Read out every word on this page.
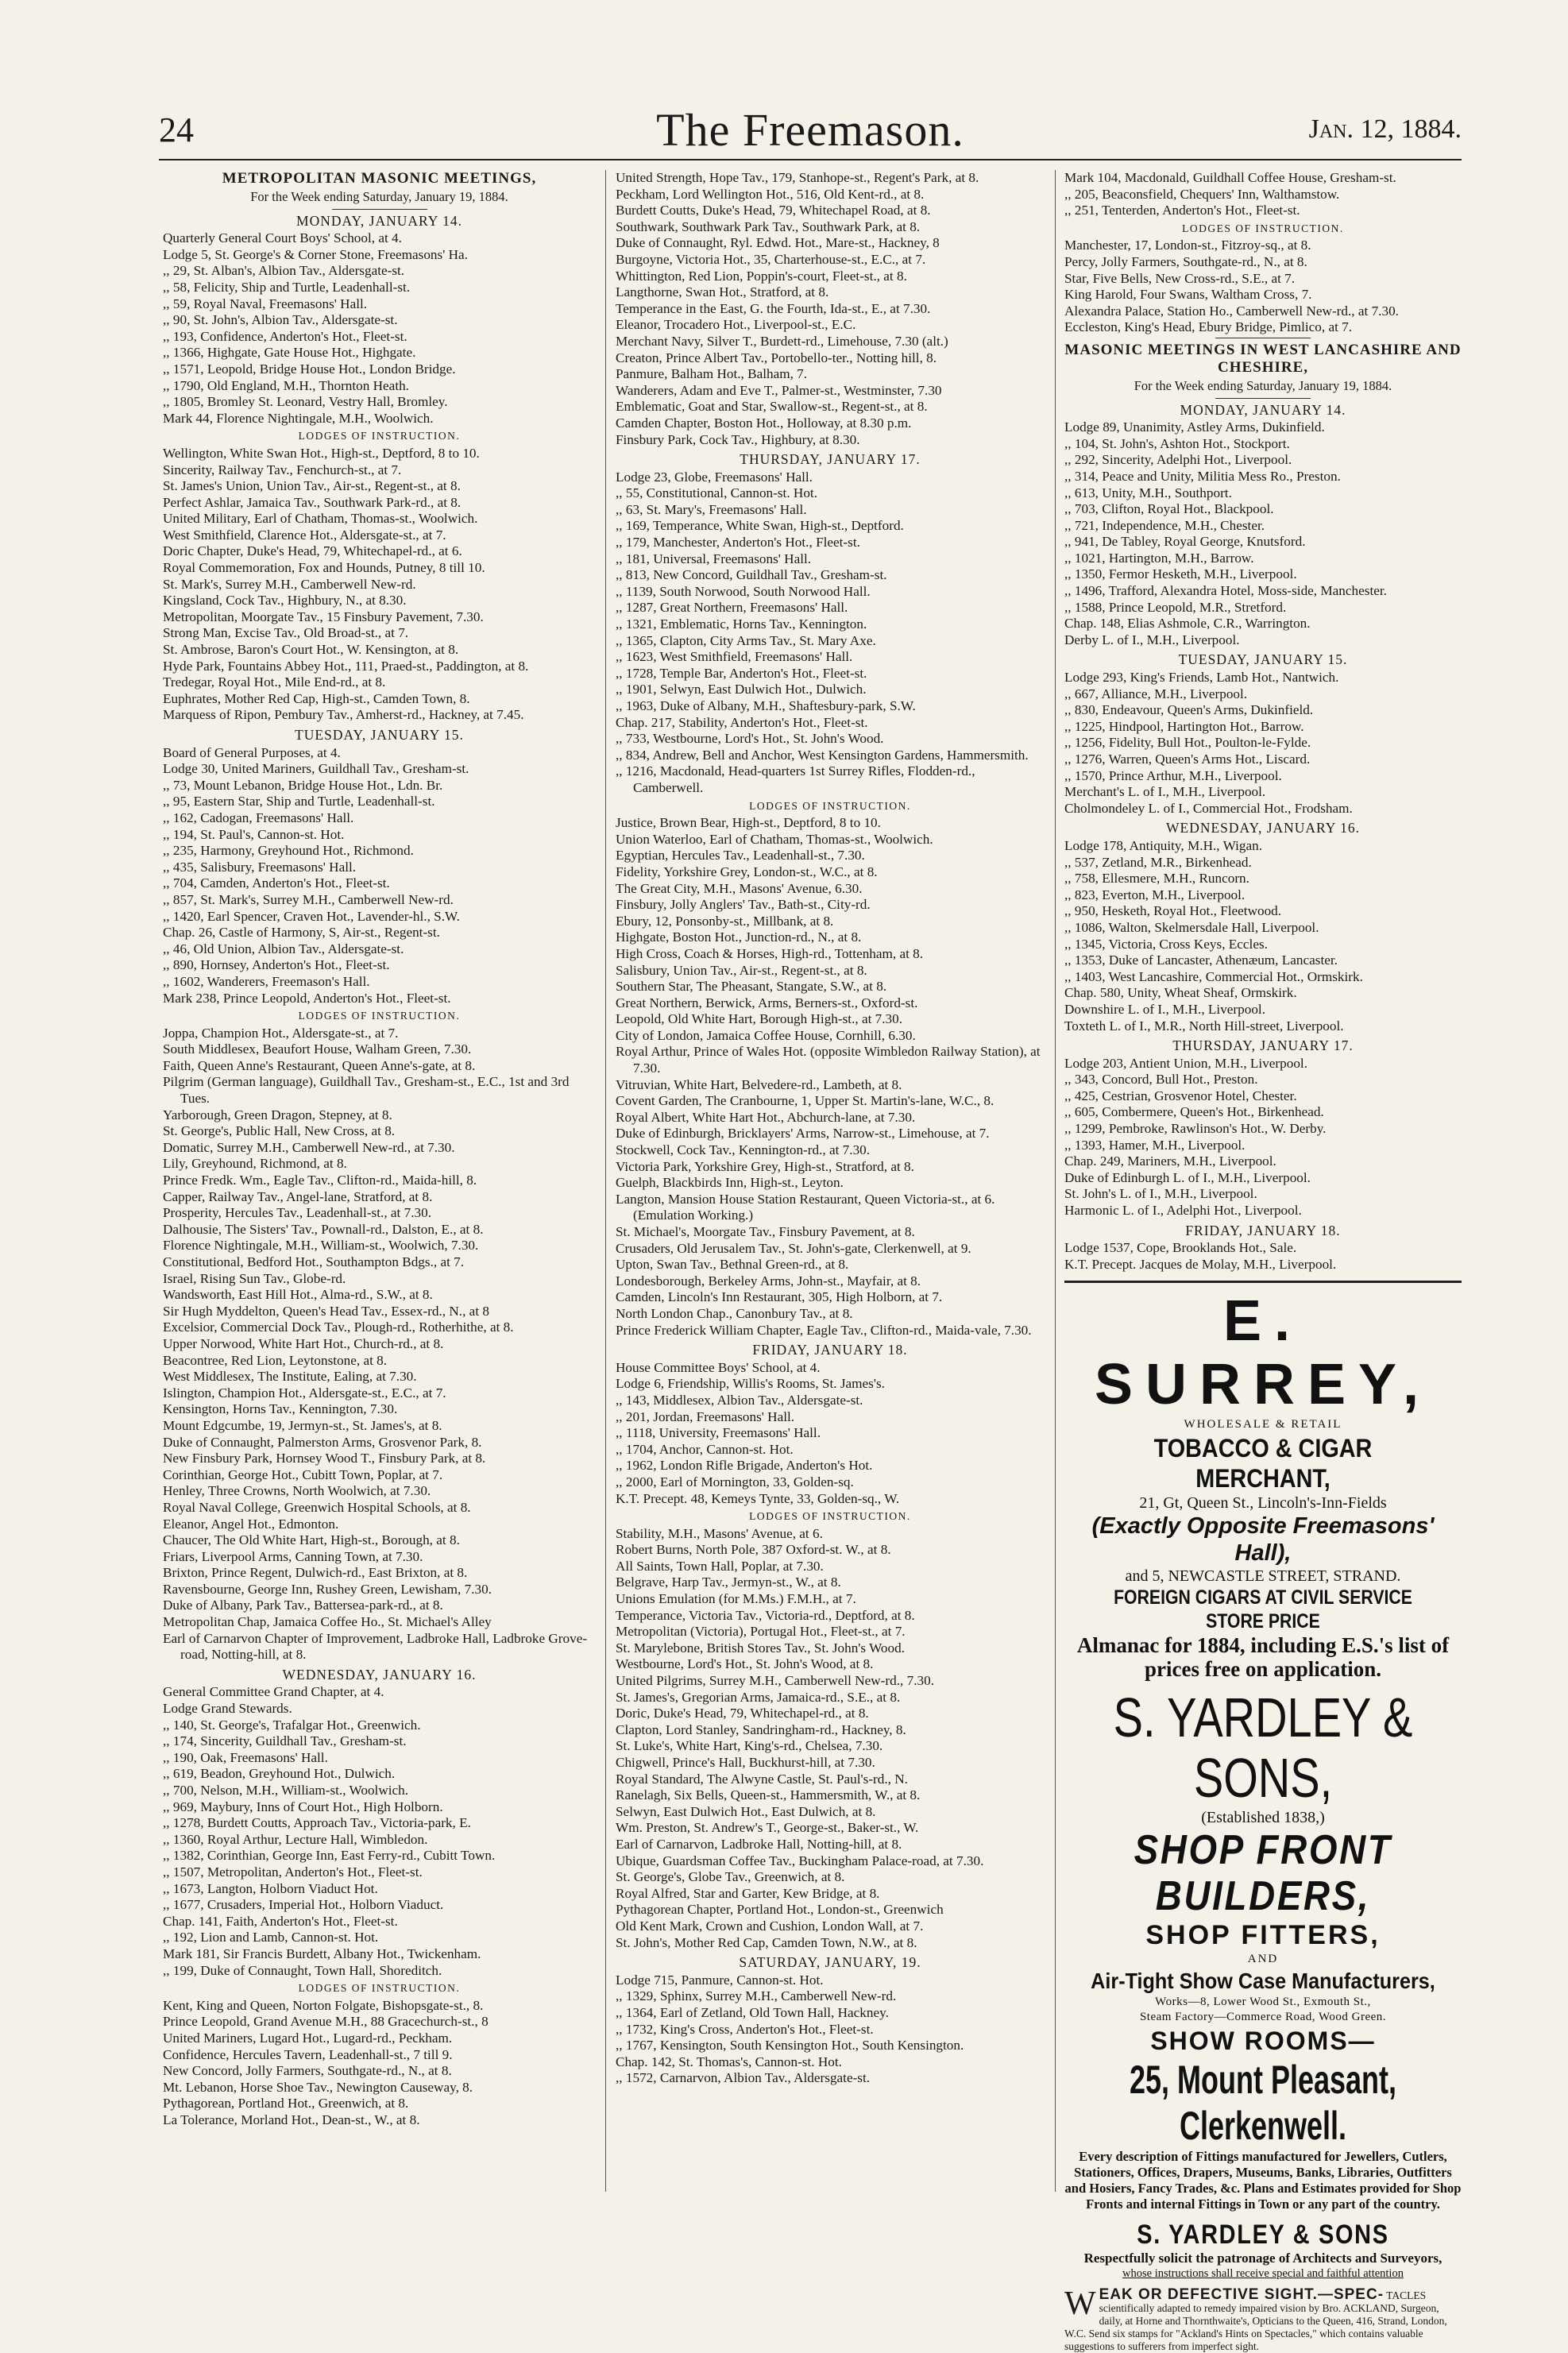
24	The Freemason.	Jan. 12, 1884.
METROPOLITAN MASONIC MEETINGS,
For the Week ending Saturday, January 19, 1884.
MONDAY, JANUARY 14.
Quarterly General Court Boys' School, at 4.
Lodge 5, St. George's & Corner Stone, Freemasons' Ha.
,, 29, St. Alban's, Albion Tav., Aldersgate-st.
,, 58, Felicity, Ship and Turtle, Leadenhall-st.
,, 59, Royal Naval, Freemasons' Hall.
,, 90, St. John's, Albion Tav., Aldersgate-st.
,, 193, Confidence, Anderton's Hot., Fleet-st.
,, 1366, Highgate, Gate House Hot., Highgate.
,, 1571, Leopold, Bridge House Hot., London Bridge.
,, 1790, Old England, M.H., Thornton Heath.
,, 1805, Bromley St. Leonard, Vestry Hall, Bromley.
Mark 44, Florence Nightingale, M.H., Woolwich.
LODGES OF INSTRUCTION.
Wellington, White Swan Hot., High-st., Deptford, 8 to 10.
Sincerity, Railway Tav., Fenchurch-st., at 7.
St. James's Union, Union Tav., Air-st., Regent-st., at 8.
Perfect Ashlar, Jamaica Tav., Southwark Park-rd., at 8.
United Military, Earl of Chatham, Thomas-st., Woolwich.
West Smithfield, Clarence Hot., Aldersgate-st., at 7.
Doric Chapter, Duke's Head, 79, Whitechapel-rd., at 6.
Royal Commemoration, Fox and Hounds, Putney, 8 till 10.
St. Mark's, Surrey M.H., Camberwell New-rd.
Kingsland, Cock Tav., Highbury, N., at 8.30.
Metropolitan, Moorgate Tav., 15 Finsbury Pavement, 7.30.
Strong Man, Excise Tav., Old Broad-st., at 7.
St. Ambrose, Baron's Court Hot., W. Kensington, at 8.
Hyde Park, Fountains Abbey Hot., 111, Praed-st., Paddington, at 8.
Tredegar, Royal Hot., Mile End-rd., at 8.
Euphrates, Mother Red Cap, High-st., Camden Town, 8.
Marquess of Ripon, Pembury Tav., Amherst-rd., Hackney, at 7.45.
TUESDAY, JANUARY 15.
Board of General Purposes, at 4.
Lodge 30, United Mariners, Guildhall Tav., Gresham-st.
,, 73, Mount Lebanon, Bridge House Hot., Ldn. Br.
,, 95, Eastern Star, Ship and Turtle, Leadenhall-st.
,, 162, Cadogan, Freemasons' Hall.
,, 194, St. Paul's, Cannon-st. Hot.
,, 235, Harmony, Greyhound Hot., Richmond.
,, 435, Salisbury, Freemasons' Hall.
,, 704, Camden, Anderton's Hot., Fleet-st.
,, 857, St. Mark's, Surrey M.H., Camberwell New-rd.
,, 1420, Earl Spencer, Craven Hot., Lavender-hl., S.W.
Chap. 26, Castle of Harmony, S, Air-st., Regent-st.
,, 46, Old Union, Albion Tav., Aldersgate-st.
,, 890, Hornsey, Anderton's Hot., Fleet-st.
,, 1602, Wanderers, Freemason's Hall.
Mark 238, Prince Leopold, Anderton's Hot., Fleet-st.
LODGES OF INSTRUCTION.
Joppa, Champion Hot., Aldersgate-st., at 7.
South Middlesex, Beaufort House, Walham Green, 7.30.
Faith, Queen Anne's Restaurant, Queen Anne's-gate, at 8.
Pilgrim (German language), Guildhall Tav., Gresham-st., E.C., 1st and 3rd Tues.
Yarborough, Green Dragon, Stepney, at 8.
St. George's, Public Hall, New Cross, at 8.
Domatic, Surrey M.H., Camberwell New-rd., at 7.30.
Lily, Greyhound, Richmond, at 8.
Prince Fredk. Wm., Eagle Tav., Clifton-rd., Maida-hill, 8.
Capper, Railway Tav., Angel-lane, Stratford, at 8.
Prosperity, Hercules Tav., Leadenhall-st., at 7.30.
Dalhousie, The Sisters' Tav., Pownall-rd., Dalston, E., at 8.
Florence Nightingale, M.H., William-st., Woolwich, 7.30.
Constitutional, Bedford Hot., Southampton Bdgs., at 7.
Israel, Rising Sun Tav., Globe-rd.
Wandsworth, East Hill Hot., Alma-rd., S.W., at 8.
Sir Hugh Myddelton, Queen's Head Tav., Essex-rd., N., at 8
Excelsior, Commercial Dock Tav., Plough-rd., Rotherhithe, at 8.
Upper Norwood, White Hart Hot., Church-rd., at 8.
Beacontree, Red Lion, Leytonstone, at 8.
West Middlesex, The Institute, Ealing, at 7.30.
Islington, Champion Hot., Aldersgate-st., E.C., at 7.
Kensington, Horns Tav., Kennington, 7.30.
Mount Edgcumbe, 19, Jermyn-st., St. James's, at 8.
Duke of Connaught, Palmerston Arms, Grosvenor Park, 8.
New Finsbury Park, Hornsey Wood T., Finsbury Park, at 8.
Corinthian, George Hot., Cubitt Town, Poplar, at 7.
Henley, Three Crowns, North Woolwich, at 7.30.
Royal Naval College, Greenwich Hospital Schools, at 8.
Eleanor, Angel Hot., Edmonton.
Chaucer, The Old White Hart, High-st., Borough, at 8.
Friars, Liverpool Arms, Canning Town, at 7.30.
Brixton, Prince Regent, Dulwich-rd., East Brixton, at 8.
Ravensbourne, George Inn, Rushey Green, Lewisham, 7.30.
Duke of Albany, Park Tav., Battersea-park-rd., at 8.
Metropolitan Chap, Jamaica Coffee Ho., St. Michael's Alley
Earl of Carnarvon Chapter of Improvement, Ladbroke Hall, Ladbroke Grove-road, Notting-hill, at 8.
WEDNESDAY, JANUARY 16.
General Committee Grand Chapter, at 4.
Lodge Grand Stewards.
,, 140, St. George's, Trafalgar Hot., Greenwich.
,, 174, Sincerity, Guildhall Tav., Gresham-st.
,, 190, Oak, Freemasons' Hall.
,, 619, Beadon, Greyhound Hot., Dulwich.
,, 700, Nelson, M.H., William-st., Woolwich.
,, 969, Maybury, Inns of Court Hot., High Holborn.
,, 1278, Burdett Coutts, Approach Tav., Victoria-park, E.
,, 1360, Royal Arthur, Lecture Hall, Wimbledon.
,, 1382, Corinthian, George Inn, East Ferry-rd., Cubitt Town.
,, 1507, Metropolitan, Anderton's Hot., Fleet-st.
,, 1673, Langton, Holborn Viaduct Hot.
,, 1677, Crusaders, Imperial Hot., Holborn Viaduct.
Chap. 141, Faith, Anderton's Hot., Fleet-st.
,, 192, Lion and Lamb, Cannon-st. Hot.
Mark 181, Sir Francis Burdett, Albany Hot., Twickenham.
,, 199, Duke of Connaught, Town Hall, Shoreditch.
LODGES OF INSTRUCTION.
Kent, King and Queen, Norton Folgate, Bishopsgate-st., 8.
Prince Leopold, Grand Avenue M.H., 88 Gracechurch-st., 8
United Mariners, Lugard Hot., Lugard-rd., Peckham.
Confidence, Hercules Tavern, Leadenhall-st., 7 till 9.
New Concord, Jolly Farmers, Southgate-rd., N., at 8.
Mt. Lebanon, Horse Shoe Tav., Newington Causeway, 8.
Pythagorean, Portland Hot., Greenwich, at 8.
La Tolerance, Morland Hot., Dean-st., W., at 8.
United Strength, Hope Tav., 179, Stanhope-st., Regent's Park, at 8.
Peckham, Lord Wellington Hot., 516, Old Kent-rd., at 8.
Burdett Coutts, Duke's Head, 79, Whitechapel Road, at 8.
Southwark, Southwark Park Tav., Southwark Park, at 8.
Duke of Connaught, Ryl. Edwd. Hot., Mare-st., Hackney, 8
Burgoyne, Victoria Hot., 35, Charterhouse-st., E.C., at 7.
Whittington, Red Lion, Poppin's-court, Fleet-st., at 8.
Langthorne, Swan Hot., Stratford, at 8.
Temperance in the East, G. the Fourth, Ida-st., E., at 7.30.
Eleanor, Trocadero Hot., Liverpool-st., E.C.
Merchant Navy, Silver T., Burdett-rd., Limehouse, 7.30 (alt.)
Creaton, Prince Albert Tav., Portobello-ter., Notting hill, 8.
Panmure, Balham Hot., Balham, 7.
Wanderers, Adam and Eve T., Palmer-st., Westminster, 7.30
Emblematic, Goat and Star, Swallow-st., Regent-st., at 8.
Camden Chapter, Boston Hot., Holloway, at 8.30 p.m.
Finsbury Park, Cock Tav., Highbury, at 8.30.
THURSDAY, JANUARY 17.
Lodge 23, Globe, Freemasons' Hall.
,, 55, Constitutional, Cannon-st. Hot.
,, 63, St. Mary's, Freemasons' Hall.
,, 169, Temperance, White Swan, High-st., Deptford.
,, 179, Manchester, Anderton's Hot., Fleet-st.
,, 181, Universal, Freemasons' Hall.
,, 813, New Concord, Guildhall Tav., Gresham-st.
,, 1139, South Norwood, South Norwood Hall.
,, 1287, Great Northern, Freemasons' Hall.
,, 1321, Emblematic, Horns Tav., Kennington.
,, 1365, Clapton, City Arms Tav., St. Mary Axe.
,, 1623, West Smithfield, Freemasons' Hall.
,, 1728, Temple Bar, Anderton's Hot., Fleet-st.
,, 1901, Selwyn, East Dulwich Hot., Dulwich.
,, 1963, Duke of Albany, M.H., Shaftesbury-park, S.W.
Chap. 217, Stability, Anderton's Hot., Fleet-st.
,, 733, Westbourne, Lord's Hot., St. John's Wood.
,, 834, Andrew, Bell and Anchor, West Kensington Gardens, Hammersmith.
,, 1216, Macdonald, Head-quarters 1st Surrey Rifles, Flodden-rd., Camberwell.
LODGES OF INSTRUCTION.
Justice, Brown Bear, High-st., Deptford, 8 to 10.
Union Waterloo, Earl of Chatham, Thomas-st., Woolwich.
Egyptian, Hercules Tav., Leadenhall-st., 7.30.
Fidelity, Yorkshire Grey, London-st., W.C., at 8.
The Great City, M.H., Masons' Avenue, 6.30.
Finsbury, Jolly Anglers' Tav., Bath-st., City-rd.
Ebury, 12, Ponsonby-st., Millbank, at 8.
Highgate, Boston Hot., Junction-rd., N., at 8.
High Cross, Coach & Horses, High-rd., Tottenham, at 8.
Salisbury, Union Tav., Air-st., Regent-st., at 8.
Southern Star, The Pheasant, Stangate, S.W., at 8.
Great Northern, Berwick, Arms, Berners-st., Oxford-st.
Leopold, Old White Hart, Borough High-st., at 7.30.
City of London, Jamaica Coffee House, Cornhill, 6.30.
Royal Arthur, Prince of Wales Hot. (opposite Wimbledon Railway Station), at 7.30.
Vitruvian, White Hart, Belvedere-rd., Lambeth, at 8.
Covent Garden, The Cranbourne, 1, Upper St. Martin's-lane, W.C., 8.
Royal Albert, White Hart Hot., Abchurch-lane, at 7.30.
Duke of Edinburgh, Bricklayers' Arms, Narrow-st., Limehouse, at 7.
Stockwell, Cock Tav., Kennington-rd., at 7.30.
Victoria Park, Yorkshire Grey, High-st., Stratford, at 8.
Guelph, Blackbirds Inn, High-st., Leyton.
Langton, Mansion House Station Restaurant, Queen Victoria-st., at 6. (Emulation Working.)
St. Michael's, Moorgate Tav., Finsbury Pavement, at 8.
Crusaders, Old Jerusalem Tav., St. John's-gate, Clerkenwell, at 9.
Upton, Swan Tav., Bethnal Green-rd., at 8.
Londesborough, Berkeley Arms, John-st., Mayfair, at 8.
Camden, Lincoln's Inn Restaurant, 305, High Holborn, at 7.
North London Chap., Canonbury Tav., at 8.
Prince Frederick William Chapter, Eagle Tav., Clifton-rd., Maida-vale, 7.30.
FRIDAY, JANUARY 18.
House Committee Boys' School, at 4.
Lodge 6, Friendship, Willis's Rooms, St. James's.
,, 143, Middlesex, Albion Tav., Aldersgate-st.
,, 201, Jordan, Freemasons' Hall.
,, 1118, University, Freemasons' Hall.
,, 1704, Anchor, Cannon-st. Hot.
,, 1962, London Rifle Brigade, Anderton's Hot.
,, 2000, Earl of Mornington, 33, Golden-sq.
K.T. Precept. 48, Kemeys Tynte, 33, Golden-sq., W.
LODGES OF INSTRUCTION.
Stability, M.H., Masons' Avenue, at 6.
Robert Burns, North Pole, 387 Oxford-st. W., at 8.
All Saints, Town Hall, Poplar, at 7.30.
Belgrave, Harp Tav., Jermyn-st., W., at 8.
Unions Emulation (for M.Ms.) F.M.H., at 7.
Temperance, Victoria Tav., Victoria-rd., Deptford, at 8.
Metropolitan (Victoria), Portugal Hot., Fleet-st., at 7.
St. Marylebone, British Stores Tav., St. John's Wood.
Westbourne, Lord's Hot., St. John's Wood, at 8.
United Pilgrims, Surrey M.H., Camberwell New-rd., 7.30.
St. James's, Gregorian Arms, Jamaica-rd., S.E., at 8.
Doric, Duke's Head, 79, Whitechapel-rd., at 8.
Clapton, Lord Stanley, Sandringham-rd., Hackney, 8.
St. Luke's, White Hart, King's-rd., Chelsea, 7.30.
Chigwell, Prince's Hall, Buckhurst-hill, at 7.30.
Royal Standard, The Alwyne Castle, St. Paul's-rd., N.
Ranelagh, Six Bells, Queen-st., Hammersmith, W., at 8.
Selwyn, East Dulwich Hot., East Dulwich, at 8.
Wm. Preston, St. Andrew's T., George-st., Baker-st., W.
Earl of Carnarvon, Ladbroke Hall, Notting-hill, at 8.
Ubique, Guardsman Coffee Tav., Buckingham Palace-road, at 7.30.
St. George's, Globe Tav., Greenwich, at 8.
Royal Alfred, Star and Garter, Kew Bridge, at 8.
Pythagorean Chapter, Portland Hot., London-st., Greenwich
Old Kent Mark, Crown and Cushion, London Wall, at 7.
St. John's, Mother Red Cap, Camden Town, N.W., at 8.
SATURDAY, JANUARY, 19.
Lodge 715, Panmure, Cannon-st. Hot.
,, 1329, Sphinx, Surrey M.H., Camberwell New-rd.
,, 1364, Earl of Zetland, Old Town Hall, Hackney.
,, 1732, King's Cross, Anderton's Hot., Fleet-st.
,, 1767, Kensington, South Kensington Hot., South Kensington.
Chap. 142, St. Thomas's, Cannon-st. Hot.
,, 1572, Carnarvon, Albion Tav., Aldersgate-st.
Mark 104, Macdonald, Guildhall Coffee House, Gresham-st.
,, 205, Beaconsfield, Chequers' Inn, Walthamstow.
,, 251, Tenterden, Anderton's Hot., Fleet-st.
LODGES OF INSTRUCTION.
Manchester, 17, London-st., Fitzroy-sq., at 8.
Percy, Jolly Farmers, Southgate-rd., N., at 8.
Star, Five Bells, New Cross-rd., S.E., at 7.
King Harold, Four Swans, Waltham Cross, 7.
Alexandra Palace, Station Ho., Camberwell New-rd., at 7.30.
Eccleston, King's Head, Ebury Bridge, Pimlico, at 7.
MASONIC MEETINGS IN WEST LANCASHIRE AND CHESHIRE,
For the Week ending Saturday, January 19, 1884.
MONDAY, JANUARY 14.
Lodge 89, Unanimity, Astley Arms, Dukinfield.
,, 104, St. John's, Ashton Hot., Stockport.
,, 292, Sincerity, Adelphi Hot., Liverpool.
,, 314, Peace and Unity, Militia Mess Ro., Preston.
,, 613, Unity, M.H., Southport.
,, 703, Clifton, Royal Hot., Blackpool.
,, 721, Independence, M.H., Chester.
,, 941, De Tabley, Royal George, Knutsford.
,, 1021, Hartington, M.H., Barrow.
,, 1350, Fermor Hesketh, M.H., Liverpool.
,, 1496, Trafford, Alexandra Hotel, Moss-side, Manchester.
,, 1588, Prince Leopold, M.R., Stretford.
Chap. 148, Elias Ashmole, C.R., Warrington.
Derby L. of I., M.H., Liverpool.
TUESDAY, JANUARY 15.
Lodge 293, King's Friends, Lamb Hot., Nantwich.
,, 667, Alliance, M.H., Liverpool.
,, 830, Endeavour, Queen's Arms, Dukinfield.
,, 1225, Hindpool, Hartington Hot., Barrow.
,, 1256, Fidelity, Bull Hot., Poulton-le-Fylde.
,, 1276, Warren, Queen's Arms Hot., Liscard.
,, 1570, Prince Arthur, M.H., Liverpool.
Merchant's L. of I., M.H., Liverpool.
Cholmondeley L. of I., Commercial Hot., Frodsham.
WEDNESDAY, JANUARY 16.
Lodge 178, Antiquity, M.H., Wigan.
,, 537, Zetland, M.R., Birkenhead.
,, 758, Ellesmere, M.H., Runcorn.
,, 823, Everton, M.H., Liverpool.
,, 950, Hesketh, Royal Hot., Fleetwood.
,, 1086, Walton, Skelmersdale Hall, Liverpool.
,, 1345, Victoria, Cross Keys, Eccles.
,, 1353, Duke of Lancaster, Athenæum, Lancaster.
,, 1403, West Lancashire, Commercial Hot., Ormskirk.
Chap. 580, Unity, Wheat Sheaf, Ormskirk.
Downshire L. of I., M.H., Liverpool.
Toxteth L. of I., M.R., North Hill-street, Liverpool.
THURSDAY, JANUARY 17.
Lodge 203, Antient Union, M.H., Liverpool.
,, 343, Concord, Bull Hot., Preston.
,, 425, Cestrian, Grosvenor Hotel, Chester.
,, 605, Combermere, Queen's Hot., Birkenhead.
,, 1299, Pembroke, Rawlinson's Hot., W. Derby.
,, 1393, Hamer, M.H., Liverpool.
Chap. 249, Mariners, M.H., Liverpool.
Duke of Edinburgh L. of I., M.H., Liverpool.
St. John's L. of I., M.H., Liverpool.
Harmonic L. of I., Adelphi Hot., Liverpool.
FRIDAY, JANUARY 18.
Lodge 1537, Cope, Brooklands Hot., Sale.
K.T. Precept. Jacques de Molay, M.H., Liverpool.
E. SURREY,
WHOLESALE & RETAIL
TOBACCO & CIGAR MERCHANT,
21, Gt, Queen St., Lincoln's-Inn-Fields
(Exactly Opposite Freemasons' Hall),
and 5, NEWCASTLE STREET, STRAND.
FOREIGN CIGARS AT CIVIL SERVICE STORE PRICE
Almanac for 1884, including E.S.'s list of prices free on application.
S. YARDLEY & SONS,
(Established 1838,)
SHOP FRONT BUILDERS,
SHOP FITTERS,
AND
Air-Tight Show Case Manufacturers,
Works—8, Lower Wood St., Exmouth St.,
Steam Factory—Commerce Road, Wood Green.
SHOW ROOMS—
25, Mount Pleasant, Clerkenwell.
Every description of Fittings manufactured for Jewellers, Cutlers, Stationers, Offices, Drapers, Museums, Banks, Libraries, Outfitters and Hosiers, Fancy Trades, &c. Plans and Estimates provided for Shop Fronts and internal Fittings in Town or any part of the country.
S. YARDLEY & SONS
Respectfully solicit the patronage of Architects and Surveyors,
whose instructions shall receive special and faithful attention
W EAK OR DEFECTIVE SIGHT.—SPEC- TACLES scientifically adapted to remedy impaired vision by Bro. ACKLAND, Surgeon, daily, at Horne and Thornthwaite's, Opticians to the Queen, 416, Strand, London, W.C. Send six stamps for "Ackland's Hints on Spectacles," which contains valuable suggestions to sufferers from imperfect sight.
